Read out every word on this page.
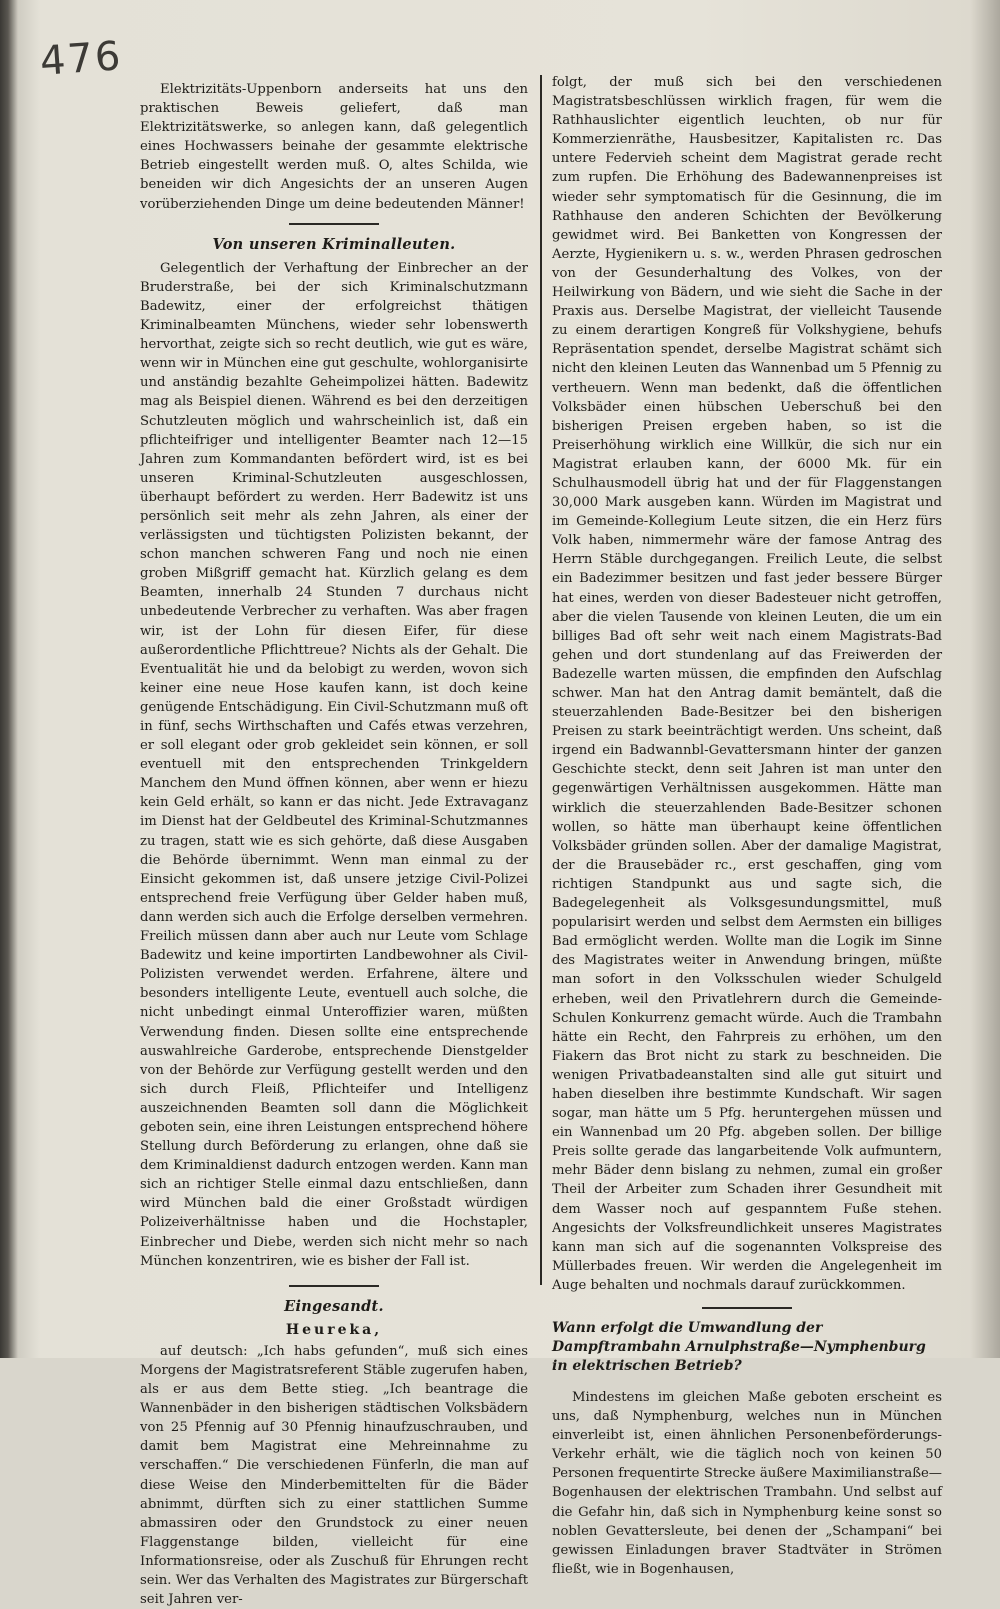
476

Elektrizitäts-Uppenborn anderseits hat uns den praktischen Beweis geliefert, daß man Elektrizitätswerke, so anlegen kann, daß gelegentlich eines Hochwassers beinahe der gesammte elektrische Betrieb eingestellt werden muß. O, altes Schilda, wie beneiden wir dich Angesichts der an unseren Augen vorüberziehenden Dinge um deine bedeutenden Männer!

Von unseren Kriminalleuten.

Gelegentlich der Verhaftung der Einbrecher an der Bruderstraße, bei der sich Kriminalschutzmann Badewitz, einer der erfolgreichst thätigen Kriminalbeamten Münchens, wieder sehr lobenswerth hervorthat, zeigte sich so recht deutlich, wie gut es wäre, wenn wir in München eine gut geschulte, wohlorganisirte und anständig bezahlte Geheimpolizei hätten. Badewitz mag als Beispiel dienen. Während es bei den derzeitigen Schutzleuten möglich und wahrscheinlich ist, daß ein pflichteifriger und intelligenter Beamter nach 12—15 Jahren zum Kommandanten befördert wird, ist es bei unseren Kriminal-Schutzleuten ausgeschlossen, überhaupt befördert zu werden. Herr Badewitz ist uns persönlich seit mehr als zehn Jahren, als einer der verlässigsten und tüchtigsten Polizisten bekannt, der schon manchen schweren Fang und noch nie einen groben Mißgriff gemacht hat. Kürzlich gelang es dem Beamten, innerhalb 24 Stunden 7 durchaus nicht unbedeutende Verbrecher zu verhaften. Was aber fragen wir, ist der Lohn für diesen Eifer, für diese außerordentliche Pflichttreue? Nichts als der Gehalt. Die Eventualität hie und da belobigt zu werden, wovon sich keiner eine neue Hose kaufen kann, ist doch keine genügende Entschädigung. Ein Civil-Schutzmann muß oft in fünf, sechs Wirthschaften und Cafés etwas verzehren, er soll elegant oder grob gekleidet sein können, er soll eventuell mit den entsprechenden Trinkgeldern Manchem den Mund öffnen können, aber wenn er hiezu kein Geld erhält, so kann er das nicht. Jede Extravaganz im Dienst hat der Geldbeutel des Kriminal-Schutzmannes zu tragen, statt wie es sich gehörte, daß diese Ausgaben die Behörde übernimmt. Wenn man einmal zu der Einsicht gekommen ist, daß unsere jetzige Civil-Polizei entsprechend freie Verfügung über Gelder haben muß, dann werden sich auch die Erfolge derselben vermehren. Freilich müssen dann aber auch nur Leute vom Schlage Badewitz und keine importirten Landbewohner als Civil-Polizisten verwendet werden. Erfahrene, ältere und besonders intelligente Leute, eventuell auch solche, die nicht unbedingt einmal Unteroffizier waren, müßten Verwendung finden. Diesen sollte eine entsprechende auswahlreiche Garderobe, entsprechende Dienstgelder von der Behörde zur Verfügung gestellt werden und den sich durch Fleiß, Pflichteifer und Intelligenz auszeichnenden Beamten soll dann die Möglichkeit geboten sein, eine ihren Leistungen entsprechend höhere Stellung durch Beförderung zu erlangen, ohne daß sie dem Kriminaldienst dadurch entzogen werden. Kann man sich an richtiger Stelle einmal dazu entschließen, dann wird München bald die einer Großstadt würdigen Polizeiverhältnisse haben und die Hochstapler, Einbrecher und Diebe, werden sich nicht mehr so nach München konzentriren, wie es bisher der Fall ist.

Eingesandt.
Heureka,

auf deutsch: „Ich habs gefunden“, muß sich eines Morgens der Magistratsreferent Stäble zugerufen haben, als er aus dem Bette stieg. „Ich beantrage die Wannenbäder in den bisherigen städtischen Volksbädern von 25 Pfennig auf 30 Pfennig hinaufzuschrauben, und damit bem Magistrat eine Mehreinnahme zu verschaffen.“ Die verschiedenen Fünferln, die man auf diese Weise den Minderbemittelten für die Bäder abnimmt, dürften sich zu einer stattlichen Summe abmassiren oder den Grundstock zu einer neuen Flaggenstange bilden, vielleicht für eine Informationsreise, oder als Zuschuß für Ehrungen recht sein. Wer das Verhalten des Magistrates zur Bürgerschaft seit Jahren ver-

folgt, der muß sich bei den verschiedenen Magistratsbeschlüssen wirklich fragen, für wem die Rathhauslichter eigentlich leuchten, ob nur für Kommerzienräthe, Hausbesitzer, Kapitalisten rc. Das untere Federvieh scheint dem Magistrat gerade recht zum rupfen. Die Erhöhung des Badewannenpreises ist wieder sehr symptomatisch für die Gesinnung, die im Rathhause den anderen Schichten der Bevölkerung gewidmet wird. Bei Banketten von Kongressen der Aerzte, Hygienikern u. s. w., werden Phrasen gedroschen von der Gesunderhaltung des Volkes, von der Heilwirkung von Bädern, und wie sieht die Sache in der Praxis aus. Derselbe Magistrat, der vielleicht Tausende zu einem derartigen Kongreß für Volkshygiene, behufs Repräsentation spendet, derselbe Magistrat schämt sich nicht den kleinen Leuten das Wannenbad um 5 Pfennig zu vertheuern. Wenn man bedenkt, daß die öffentlichen Volksbäder einen hübschen Ueberschuß bei den bisherigen Preisen ergeben haben, so ist die Preiserhöhung wirklich eine Willkür, die sich nur ein Magistrat erlauben kann, der 6000 Mk. für ein Schulhausmodell übrig hat und der für Flaggenstangen 30,000 Mark ausgeben kann. Würden im Magistrat und im Gemeinde-Kollegium Leute sitzen, die ein Herz fürs Volk haben, nimmermehr wäre der famose Antrag des Herrn Stäble durchgegangen. Freilich Leute, die selbst ein Badezimmer besitzen und fast jeder bessere Bürger hat eines, werden von dieser Badesteuer nicht getroffen, aber die vielen Tausende von kleinen Leuten, die um ein billiges Bad oft sehr weit nach einem Magistrats-Bad gehen und dort stundenlang auf das Freiwerden der Badezelle warten müssen, die empfinden den Aufschlag schwer. Man hat den Antrag damit bemäntelt, daß die steuerzahlenden Bade-Besitzer bei den bisherigen Preisen zu stark beeinträchtigt werden. Uns scheint, daß irgend ein Badwannbl-Gevattersmann hinter der ganzen Geschichte steckt, denn seit Jahren ist man unter den gegenwärtigen Verhältnissen ausgekommen. Hätte man wirklich die steuerzahlenden Bade-Besitzer schonen wollen, so hätte man überhaupt keine öffentlichen Volksbäder gründen sollen. Aber der damalige Magistrat, der die Brausebäder rc., erst geschaffen, ging vom richtigen Standpunkt aus und sagte sich, die Badegelegenheit als Volksgesundungsmittel, muß popularisirt werden und selbst dem Aermsten ein billiges Bad ermöglicht werden. Wollte man die Logik im Sinne des Magistrates weiter in Anwendung bringen, müßte man sofort in den Volksschulen wieder Schulgeld erheben, weil den Privatlehrern durch die Gemeinde-Schulen Konkurrenz gemacht würde. Auch die Trambahn hätte ein Recht, den Fahrpreis zu erhöhen, um den Fiakern das Brot nicht zu stark zu beschneiden. Die wenigen Privatbadeanstalten sind alle gut situirt und haben dieselben ihre bestimmte Kundschaft. Wir sagen sogar, man hätte um 5 Pfg. heruntergehen müssen und ein Wannenbad um 20 Pfg. abgeben sollen. Der billige Preis sollte gerade das langarbeitende Volk aufmuntern, mehr Bäder denn bislang zu nehmen, zumal ein großer Theil der Arbeiter zum Schaden ihrer Gesundheit mit dem Wasser noch auf gespanntem Fuße stehen. Angesichts der Volksfreundlichkeit unseres Magistrates kann man sich auf die sogenannten Volkspreise des Müllerbades freuen. Wir werden die Angelegenheit im Auge behalten und nochmals darauf zurückkommen.

Wann erfolgt die Umwandlung der Dampftrambahn Arnulphstraße—Nymphenburg in elektrischen Betrieb?

Mindestens im gleichen Maße geboten erscheint es uns, daß Nymphenburg, welches nun in München einverleibt ist, einen ähnlichen Personenbeförderungs-Verkehr erhält, wie die täglich noch von keinen 50 Personen frequentirte Strecke äußere Maximilianstraße—Bogenhausen der elektrischen Trambahn. Und selbst auf die Gefahr hin, daß sich in Nymphenburg keine sonst so noblen Gevattersleute, bei denen der „Schampani“ bei gewissen Einladungen braver Stadtväter in Strömen fließt, wie in Bogenhausen,
